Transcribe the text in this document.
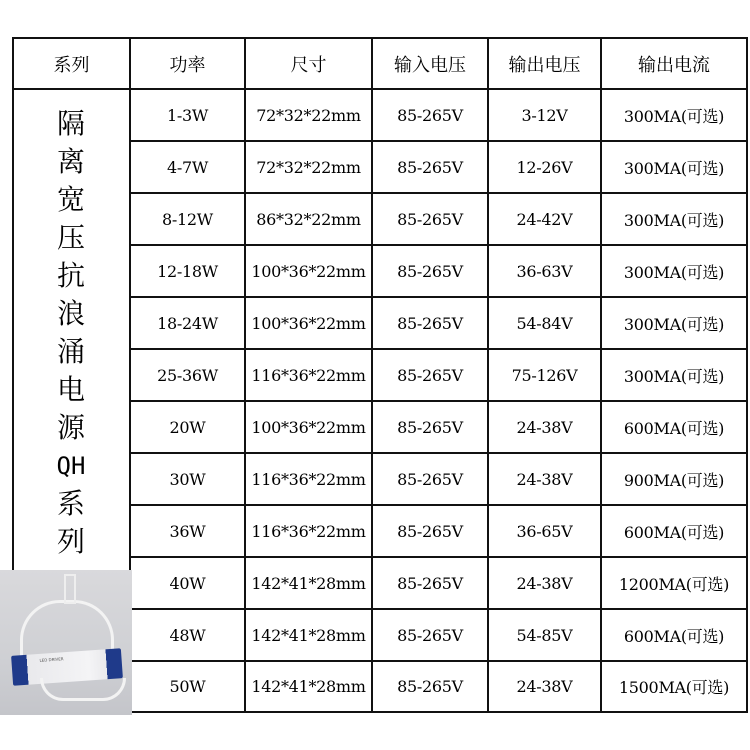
系列	功率	尺寸	输入电压	输出电压	输出电流
隔
离
宽
压
抗
浪
涌
电
源
QH
系
列
1-3W	72*32*22mm	85-265V	3-12V	300MA(可选)
4-7W	72*32*22mm	85-265V	12-26V	300MA(可选)
8-12W	86*32*22mm	85-265V	24-42V	300MA(可选)
12-18W	100*36*22mm	85-265V	36-63V	300MA(可选)
18-24W	100*36*22mm	85-265V	54-84V	300MA(可选)
25-36W	116*36*22mm	85-265V	75-126V	300MA(可选)
20W	100*36*22mm	85-265V	24-38V	600MA(可选)
30W	116*36*22mm	85-265V	24-38V	900MA(可选)
36W	116*36*22mm	85-265V	36-65V	600MA(可选)
40W	142*41*28mm	85-265V	24-38V	1200MA(可选)
48W	142*41*28mm	85-265V	54-85V	600MA(可选)
50W	142*41*28mm	85-265V	24-38V	1500MA(可选)
LED DRIVER
